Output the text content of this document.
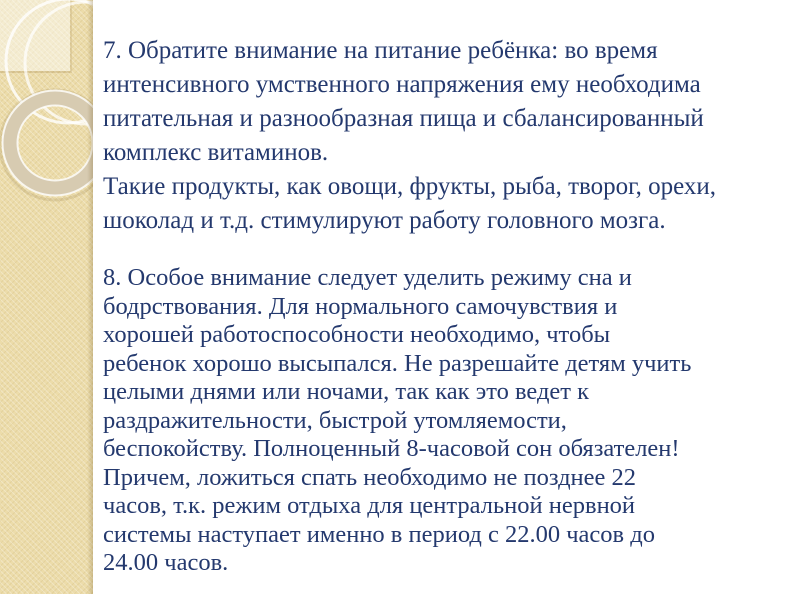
7. Обратите внимание на питание ребёнка: во время
интенсивного умственного напряжения ему необходима
питательная и разнообразная пища и сбалансированный
комплекс витаминов.
Такие продукты, как овощи, фрукты, рыба, творог, орехи,
шоколад и т.д. стимулируют работу головного мозга.
8. Особое внимание следует уделить режиму сна и
бодрствования. Для нормального самочувствия и
хорошей работоспособности необходимо, чтобы
ребенок хорошо высыпался. Не разрешайте детям учить
целыми днями или ночами, так как это ведет к
раздражительности, быстрой утомляемости,
беспокойству. Полноценный 8-часовой сон обязателен!
Причем, ложиться спать необходимо не позднее 22
часов, т.к. режим отдыха для центральной нервной
системы наступает именно в период с 22.00 часов до
24.00 часов.
